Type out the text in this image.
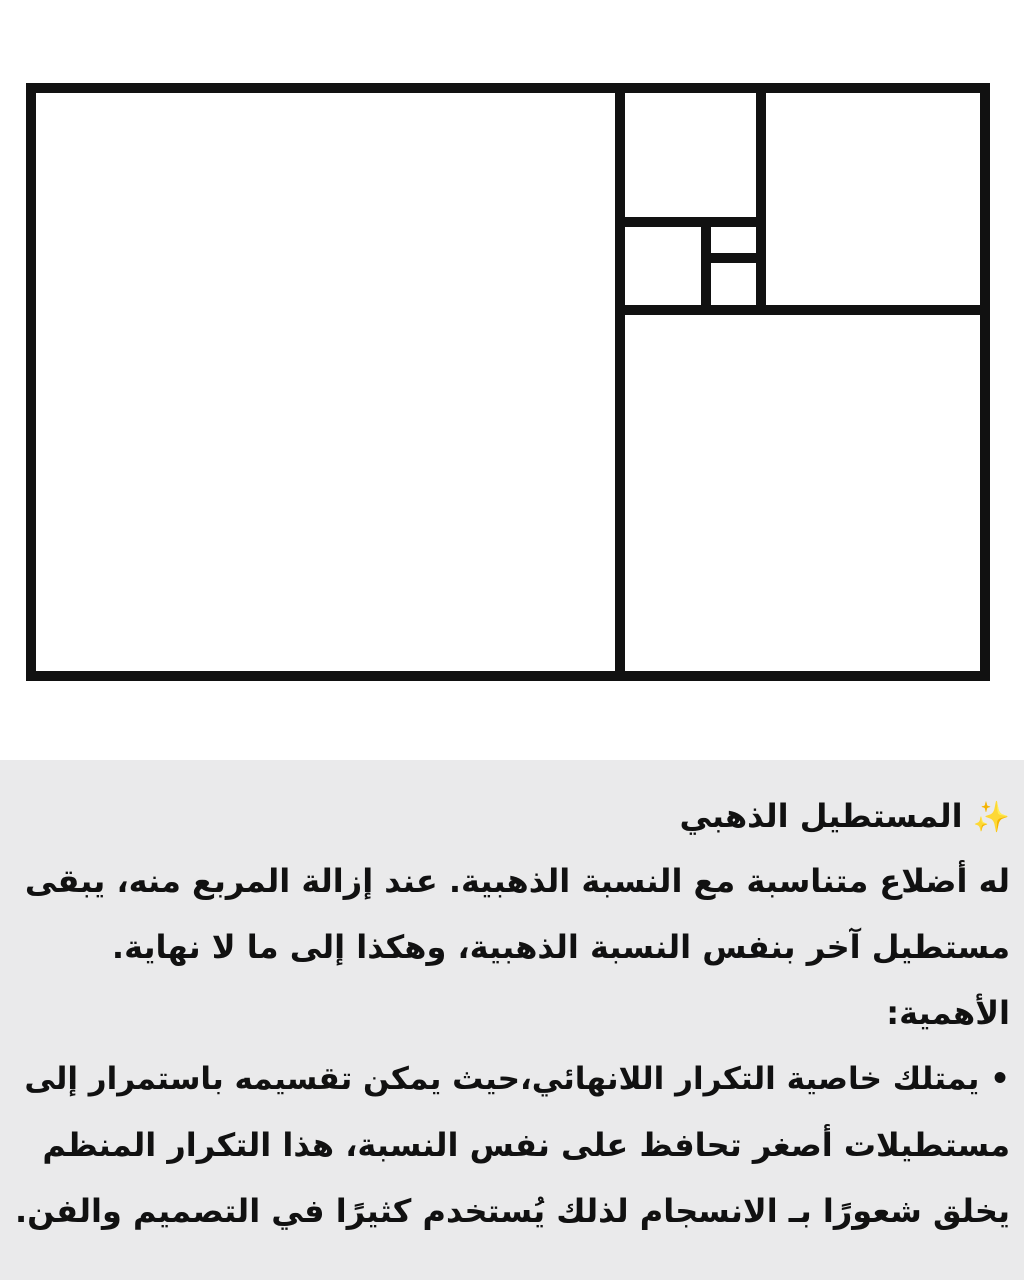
✨المستطيل الذهبي
له أضلاع متناسبة مع النسبة الذهبية. عند إزالة المربع منه، يبقى
مستطيل آخر بنفس النسبة الذهبية، وهكذا إلى ما لا نهاية.
الأهمية:
• يمتلك خاصية التكرار اللانهائي،حيث يمكن تقسيمه باستمرار إلى
مستطيلات أصغر تحافظ على نفس النسبة، هذا التكرار المنظم
يخلق شعورًا بـ الانسجام لذلك يُستخدم كثيرًا في التصميم والفن.
